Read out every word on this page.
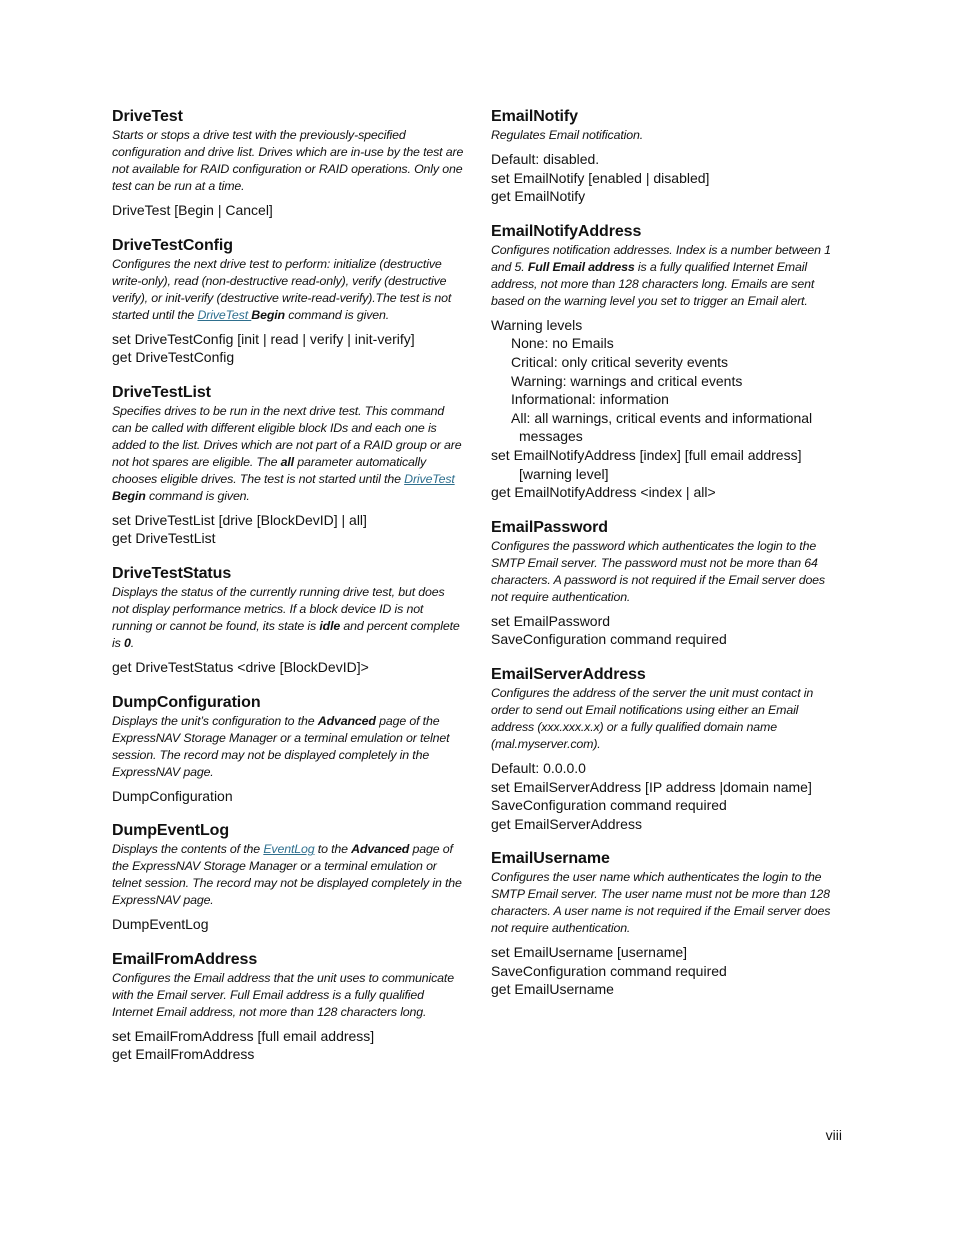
DriveTest

Starts or stops a drive test with the previously-specified configuration and drive list. Drives which are in-use by the test are not available for RAID configuration or RAID operations. Only one test can be run at a time.

DriveTest [Begin | Cancel]

DriveTestConfig

Configures the next drive test to perform: initialize (destructive write-only), read (non-destructive read-only), verify (destructive verify), or init-verify (destructive write-read-verify).The test is not started until the DriveTest Begin command is given.

set DriveTestConfig [init | read | verify | init-verify]

get DriveTestConfig

DriveTestList

Specifies drives to be run in the next drive test. This command can be called with different eligible block IDs and each one is added to the list. Drives which are not part of a RAID group or are not hot spares are eligible. The all parameter automatically chooses eligible drives. The test is not started until the DriveTest Begin command is given.

set DriveTestList [drive [BlockDevID] | all]

get DriveTestList

DriveTestStatus

Displays the status of the currently running drive test, but does not display performance metrics. If a block device ID is not running or cannot be found, its state is idle and percent complete is 0.

get DriveTestStatus <drive [BlockDevID]>

DumpConfiguration

Displays the unit’s configuration to the Advanced page of the ExpressNAV Storage Manager or a terminal emulation or telnet session. The record may not be displayed completely in the ExpressNAV page.

DumpConfiguration

DumpEventLog

Displays the contents of the EventLog to the Advanced page of the ExpressNAV Storage Manager or a terminal emulation or telnet session. The record may not be displayed completely in the ExpressNAV page.

DumpEventLog

EmailFromAddress

Configures the Email address that the unit uses to communicate with the Email server. Full Email address is a fully qualified Internet Email address, not more than 128 characters long.

set EmailFromAddress [full email address]

get EmailFromAddress

EmailNotify

Regulates Email notification.

Default: disabled.

set EmailNotify [enabled | disabled]

get EmailNotify

EmailNotifyAddress

Configures notification addresses. Index is a number between 1 and 5. Full Email address is a fully qualified Internet Email address, not more than 128 characters long. Emails are sent based on the warning level you set to trigger an Email alert.

Warning levels

None: no Emails

Critical: only critical severity events

Warning: warnings and critical events

Informational: information

All: all warnings, critical events and informational

messages

set EmailNotifyAddress [index] [full email address]

[warning level]

get EmailNotifyAddress <index | all>

EmailPassword

Configures the password which authenticates the login to the SMTP Email server. The password must not be more than 64 characters. A password is not required if the Email server does not require authentication.

set EmailPassword

SaveConfiguration command required

EmailServerAddress

Configures the address of the server the unit must contact in order to send out Email notifications using either an Email address (xxx.xxx.x.x) or a fully qualified domain name (mal.myserver.com).

Default: 0.0.0.0

set EmailServerAddress [IP address |domain name]

SaveConfiguration command required

get EmailServerAddress

EmailUsername

Configures the user name which authenticates the login to the SMTP Email server. The user name must not be more than 128 characters. A user name is not required if the Email server does not require authentication.

set EmailUsername [username]

SaveConfiguration command required

get EmailUsername

viii
